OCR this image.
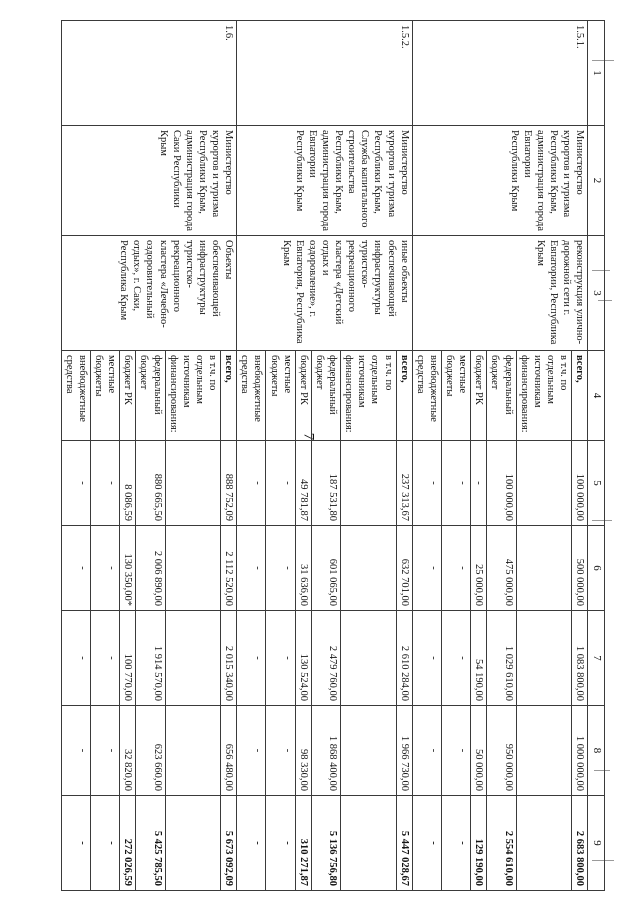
7
1	2	3	4	5	6	7	8	9
1.5.1.	Министерство курортов и туризма Республики Крым, администрация города Евпатории Республики Крым	реконструкция улично-дорожной сети г. Евпатории, Республика Крым	всего,	100 000,00	500 000,00	1 083 800,00	1 000 000,00	2 683 800,00
			в т.ч. по отдельным источникам финансирования:					
			федеральный бюджет	100 000,00	475 000,00	1 029 610,00	950 000,00	2 554 610,00
			бюджет РК	-	25 000,00	54 190,00	50 000,00	129 190,00
			местные бюджеты	-	-	-	-	-
			внебюджетные средства	-	-	-	-	-
1.5.2.	Министерство курортов и туризма Республики Крым, Служба капитального строительства Республики Крым, администрация города Евпатории Республики Крым	иные объекты обеспечивающей инфраструктуры туристско-рекреационного кластера «Детский отдых и оздоровление», г. Евпатория, Республика Крым	всего,	237 313,67	632 701,00	2 610 284,00	1 966 730,00	5 447 028,67
			в т.ч. по отдельным источникам финансирования:					
			федеральный бюджет	187 531,80	601 065,00	2 479 760,00	1 868 400,00	5 136 756,80
			бюджет РК	49 781,87	31 636,00	130 524,00	98 330,00	310 271,87
			местные бюджеты	-	-	-	-	-
			внебюджетные средства	-	-	-	-	-
1.6.	Министерство курортов и туризма Республики Крым, администрация города Саки Республики Крым	Объекты обеспечивающей инфраструктуры туристско-рекреационного кластера «Лечебно-оздоровительный отдых», г. Саки, Республика Крым	всего,	888 752,09	2 112 520,00	2 015 340,00	656 480,00	5 673 092,09
			в т.ч. по отдельным источникам финансирования:					
			федеральный бюджет	880 665,50	2 006 890,00	1 914 570,00	623 660,00	5 425 785,50
			бюджет РК	8 086,59	130 350,00*	100 770,00	32 820,00	272 026,59
			местные бюджеты	-	-	-	-	-
			внебюджетные средства	-	-	-	-	-
